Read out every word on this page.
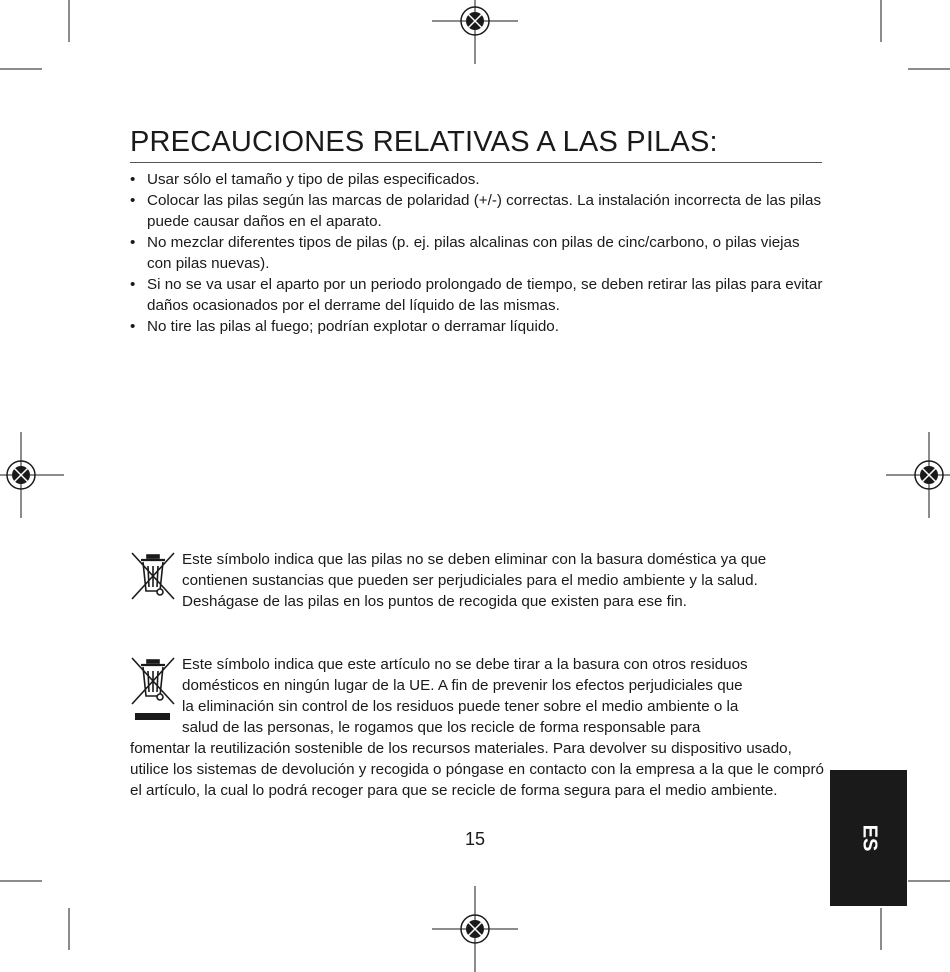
PRECAUCIONES RELATIVAS A LAS PILAS:
• Usar sólo el tamaño y tipo de pilas especificados.
• Colocar las pilas según las marcas de polaridad (+/-) correctas. La instalación incorrecta de las pilas puede causar daños en el aparato.
• No mezclar diferentes tipos de pilas (p. ej. pilas alcalinas con pilas de cinc/carbono, o pilas viejas con pilas nuevas).
• Si no se va usar el aparto por un periodo prolongado de tiempo, se deben retirar las pilas para evitar daños ocasionados por el derrame del líquido de las mismas.
• No tire las pilas al fuego; podrían explotar o derramar líquido.
Este símbolo indica que las pilas no se deben eliminar con la basura doméstica ya que contienen sustancias que pueden ser perjudiciales para el medio ambiente y la salud. Deshágase de las pilas en los puntos de recogida que existen para ese fin.
Este símbolo indica que este artículo no se debe tirar a la basura con otros residuos
domésticos en ningún lugar de la UE. A fin de prevenir los efectos perjudiciales que
la eliminación sin control de los residuos puede tener sobre el medio ambiente o la
salud de las personas, le rogamos que los recicle de forma responsable para
fomentar la reutilización sostenible de los recursos materiales. Para devolver su dispositivo usado, utilice los sistemas de devolución y recogida o póngase en contacto con la empresa a la que le compró el artículo, la cual lo podrá recoger para que se recicle de forma segura para el medio ambiente.
15	ES
